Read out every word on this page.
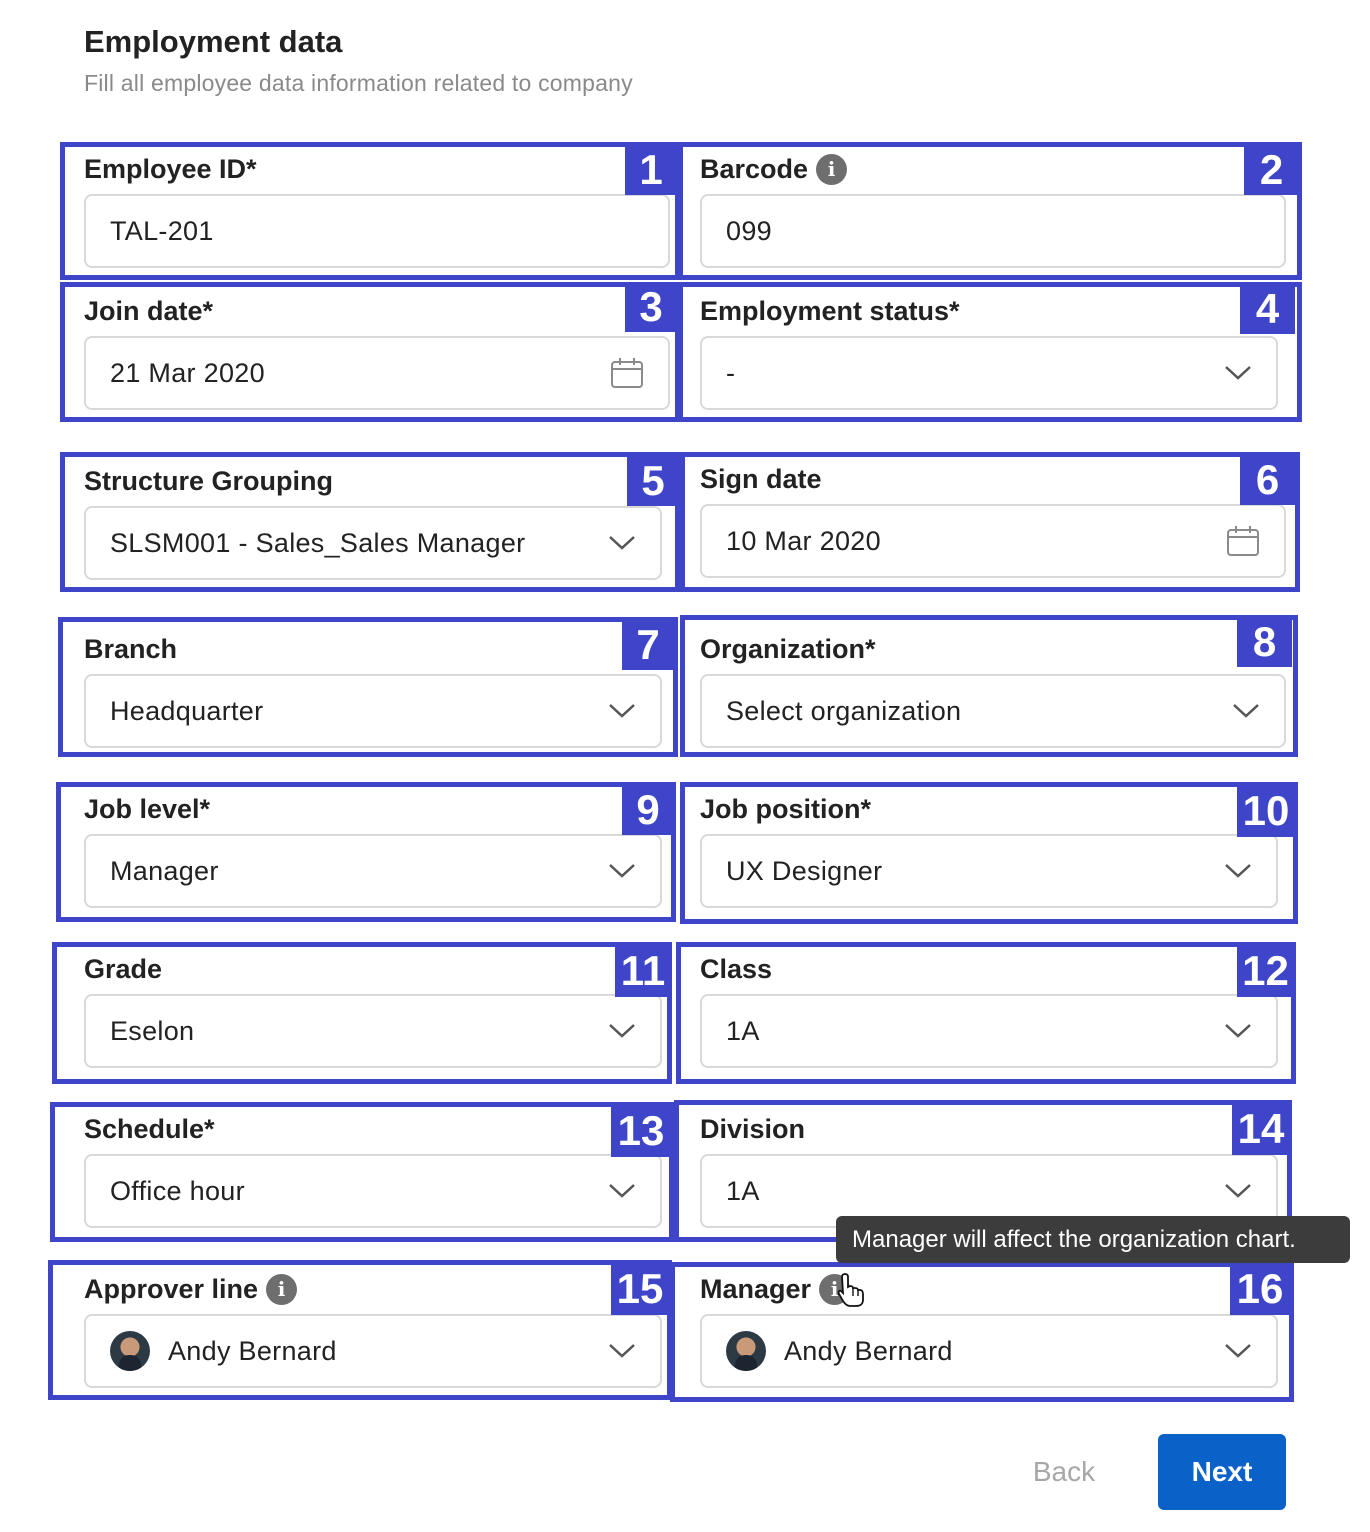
Employment data
Fill all employee data information related to company
Employee ID*
TAL-201
Barcode i
099
Join date*
21 Mar 2020
Employment status*
-
Structure Grouping
SLSM001 - Sales_Sales Manager
Sign date
10 Mar 2020
Branch
Headquarter
Organization*
Select organization
Job level*
Manager
Job position*
UX Designer
Grade
Eselon
Class
1A
Schedule*
Office hour
Division
1A
Approver line i
Andy Bernard
Manager i
Andy Bernard
1	2
3	4
5	6
7	8
9	10
11	12
13	14
15	16
Manager will affect the organization chart.
Back	Next
